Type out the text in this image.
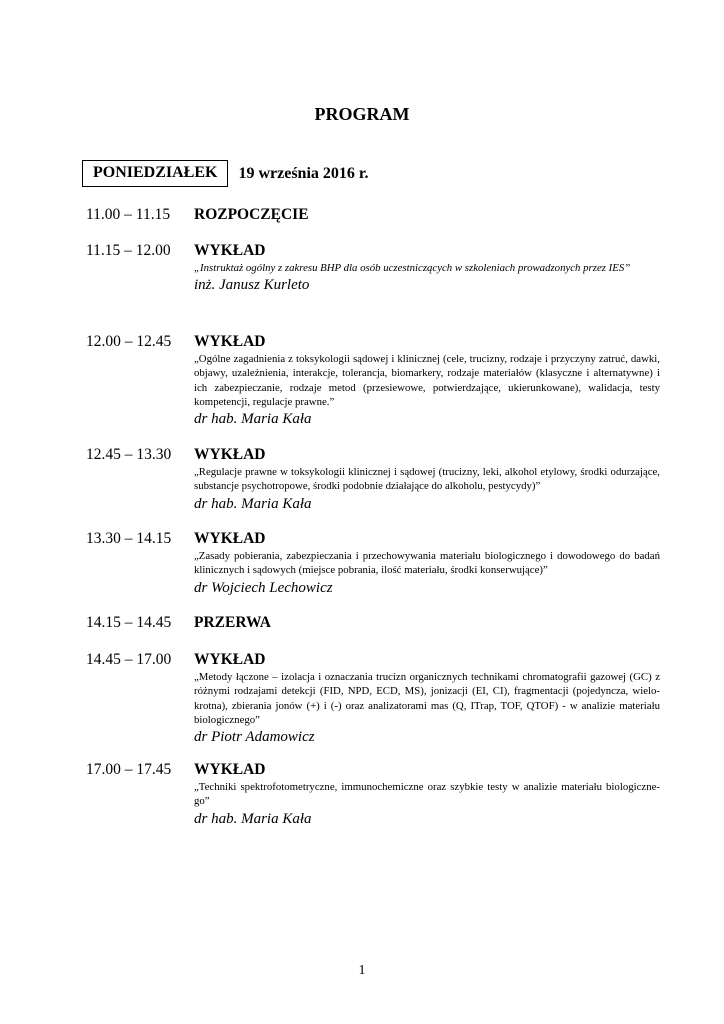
PROGRAM
PONIEDZIAŁEK	19 września 2016 r.
11.00 – 11.15 ROZPOCZĘCIE
11.15 – 12.00 WYKŁAD
„Instruktaż ogólny z zakresu BHP dla osób uczestniczących w szkoleniach prowadzonych przez IES”
inż. Janusz Kurleto
12.00 – 12.45 WYKŁAD
„Ogólne zagadnienia z toksykologii sądowej i klinicznej (cele, trucizny, rodzaje i przyczyny zatruć, dawki, objawy, uzależnienia, interakcje, tolerancja, biomarkery, rodzaje materiałów (klasyczne i alternatywne) i ich zabezpieczanie, rodzaje metod (przesiewowe, potwierdzające, ukierunkowane), walidacja, testy kompetencji, regulacje prawne.”
dr hab. Maria Kała
12.45 – 13.30 WYKŁAD
„Regulacje prawne w toksykologii klinicznej i sądowej (trucizny, leki, alkohol etylowy, środki odurzające, substancje psychotropowe, środki podobnie działające do alkoholu, pestycydy)”
dr hab. Maria Kała
13.30 – 14.15 WYKŁAD
„Zasady pobierania, zabezpieczania i przechowywania materiału biologicznego i dowodowego do badań klinicznych i sądowych (miejsce pobrania, ilość materiału, środki konserwujące)”
dr Wojciech Lechowicz
14.15 – 14.45 PRZERWA
14.45 – 17.00 WYKŁAD
„Metody łączone – izolacja i oznaczania trucizn organicznych technikami chromatografii gazowej (GC) z różnymi rodzajami detekcji (FID, NPD, ECD, MS), jonizacji (EI, CI), fragmentacji (pojedyncza, wielo-krotna), zbierania jonów (+) i (-) oraz analizatorami mas (Q, ITrap, TOF, QTOF) - w analizie materiału biologicznego”
dr Piotr Adamowicz
17.00 – 17.45 WYKŁAD
„Techniki spektrofotometryczne, immunochemiczne oraz szybkie testy w analizie materiału biologiczne-go”
dr hab. Maria Kała
1
